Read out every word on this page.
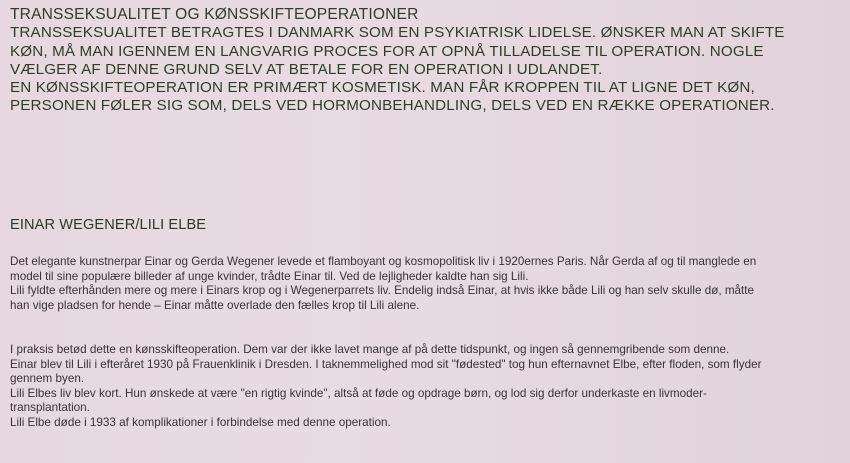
TRANSSEKSUALITET OG KØNSSKIFTEOPERATIONER
TRANSSEKSUALITET BETRAGTES I DANMARK SOM EN PSYKIATRISK LIDELSE. ØNSKER MAN AT SKIFTE
KØN, MÅ MAN IGENNEM EN LANGVARIG PROCES FOR AT OPNÅ TILLADELSE TIL OPERATION. NOGLE
VÆLGER AF DENNE GRUND SELV AT BETALE FOR EN OPERATION I UDLANDET.
EN KØNSSKIFTEOPERATION ER PRIMÆRT KOSMETISK. MAN FÅR KROPPEN TIL AT LIGNE DET KØN,
PERSONEN FØLER SIG SOM, DELS VED HORMONBEHANDLING, DELS VED EN RÆKKE OPERATIONER.
EINAR WEGENER/LILI ELBE
Det elegante kunstnerpar Einar og Gerda Wegener levede et flamboyant og kosmopolitisk liv i 1920ernes Paris. Når Gerda af og til manglede en
model til sine populære billeder af unge kvinder, trådte Einar til. Ved de lejligheder kaldte han sig Lili.
Lili fyldte efterhånden mere og mere i Einars krop og i Wegenerparrets liv. Endelig indså Einar, at hvis ikke både Lili og han selv skulle dø, måtte
han vige pladsen for hende – Einar måtte overlade den fælles krop til Lili alene.
I praksis betød dette en kønsskifteoperation. Dem var der ikke lavet mange af på dette tidspunkt, og ingen så gennemgribende som denne.
Einar blev til Lili i efteråret 1930 på Frauenklinik i Dresden. I taknemmelighed mod sit "fødested" tog hun efternavnet Elbe, efter floden, som flyder
gennem byen.
Lili Elbes liv blev kort. Hun ønskede at være "en rigtig kvinde", altså at føde og opdrage børn, og lod sig derfor underkaste en livmoder-
transplantation.
Lili Elbe døde i 1933 af komplikationer i forbindelse med denne operation.
